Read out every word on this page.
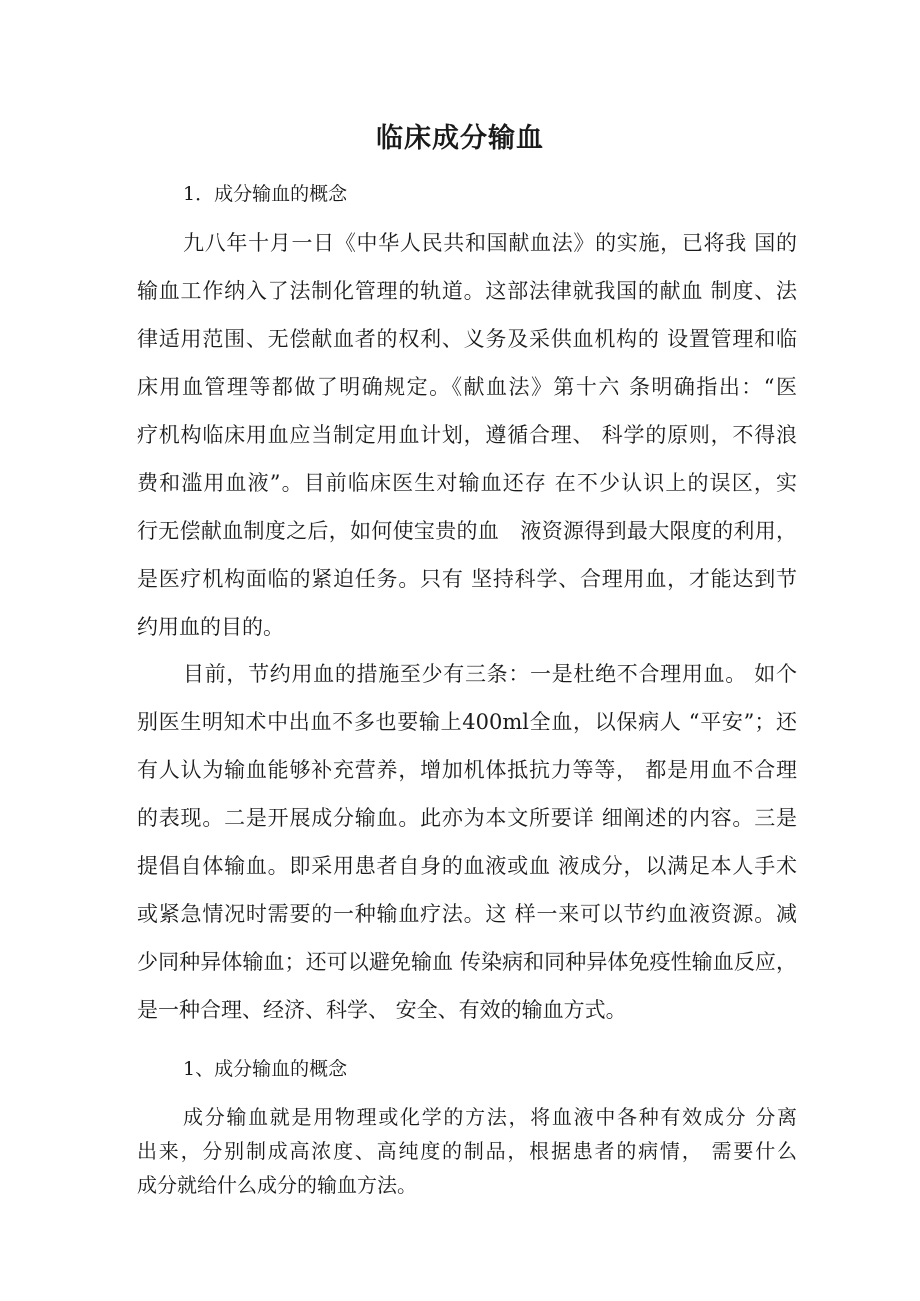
临床成分输血

1．成分输血的概念

九八年十月一日《中华人民共和国献血法》的实施，已将我 国的
输血工作纳入了法制化管理的轨道。这部法律就我国的献血 制度、法
律适用范围、无偿献血者的权利、义务及采供血机构的 设置管理和临
床用血管理等都做了明确规定。《献血法》第十六 条明确指出：“医
疗机构临床用血应当制定用血计划，遵循合理、 科学的原则，不得浪
费和滥用血液”。目前临床医生对输血还存 在不少认识上的误区，实
行无偿献血制度之后，如何使宝贵的血　液资源得到最大限度的利用，
是医疗机构面临的紧迫任务。只有 坚持科学、合理用血，才能达到节
约用血的目的。
目前，节约用血的措施至少有三条：一是杜绝不合理用血。 如个
别医生明知术中出血不多也要输上400ml全血，以保病人 “平安”；还
有人认为输血能够补充营养，增加机体抵抗力等等， 都是用血不合理
的表现。二是开展成分输血。此亦为本文所要详 细阐述的内容。三是
提倡自体输血。即采用患者自身的血液或血 液成分，以满足本人手术
或紧急情况时需要的一种输血疗法。这 样一来可以节约血液资源。减
少同种异体输血；还可以避免输血 传染病和同种异体免疫性输血反应，
是一种合理、经济、科学、 安全、有效的输血方式。

1、成分输血的概念

成分输血就是用物理或化学的方法，将血液中各种有效成分 分离
出来，分别制成高浓度、高纯度的制品，根据患者的病情， 需要什么
成分就给什么成分的输血方法。
